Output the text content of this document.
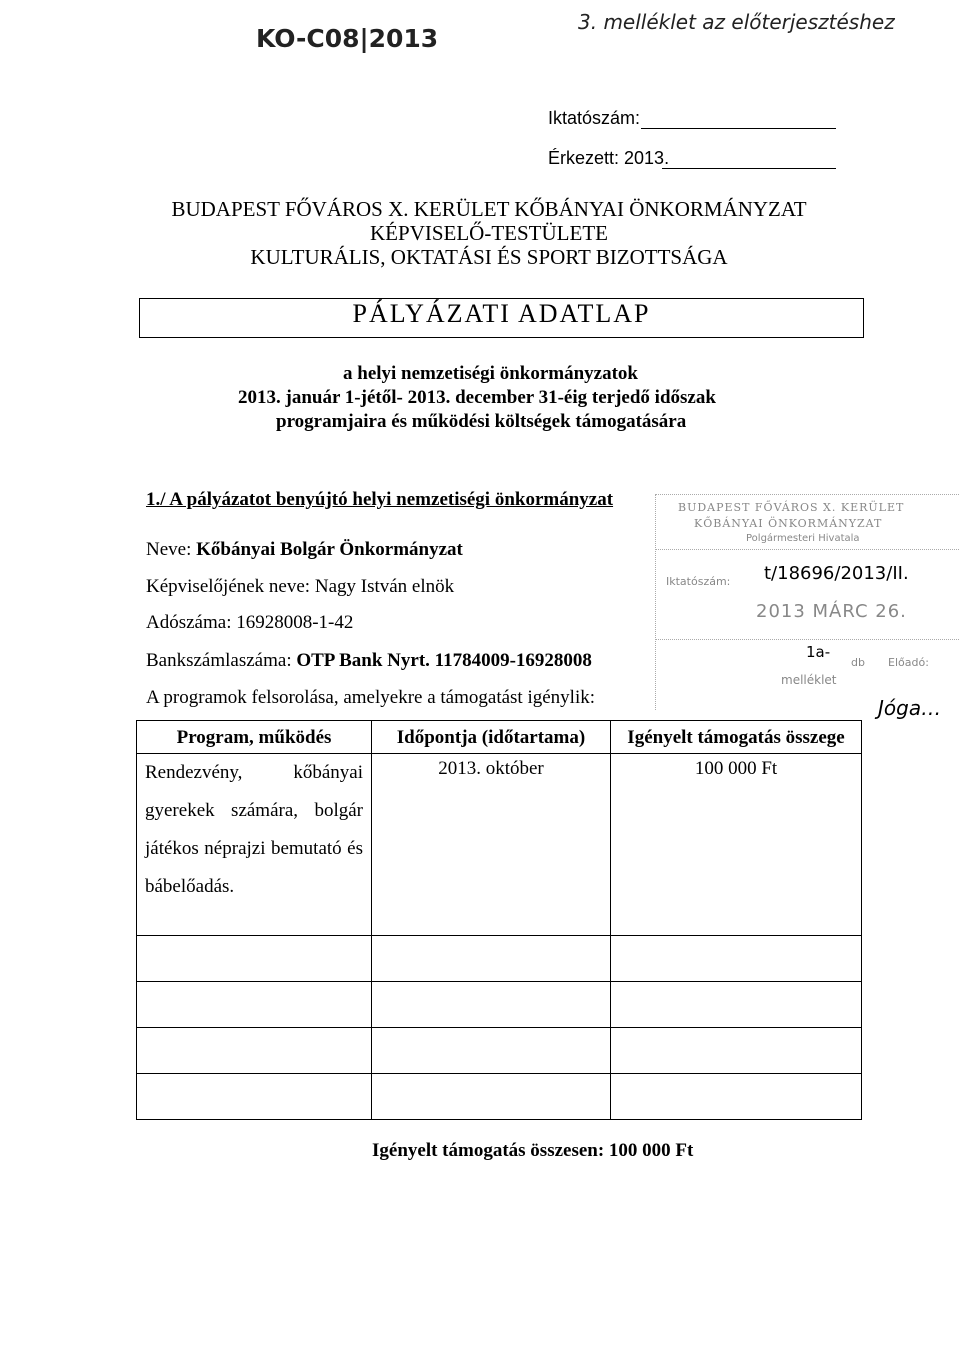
KO-C08|2013
3. melléklet az előterjesztéshez
Iktatószám:
Érkezett: 2013.
BUDAPEST FŐVÁROS X. KERÜLET KŐBÁNYAI ÖNKORMÁNYZAT
KÉPVISELŐ-TESTÜLETE
KULTURÁLIS, OKTATÁSI ÉS SPORT BIZOTTSÁGA
PÁLYÁZATI ADATLAP
a helyi nemzetiségi önkormányzatok
2013. január 1-jétől- 2013. december 31-éig terjedő időszak
programjaira és működési költségek támogatására
1./ A pályázatot benyújtó helyi nemzetiségi önkormányzat
Neve: Kőbányai Bolgár Önkormányzat
Képviselőjének neve: Nagy István elnök
Adószáma: 16928008-1-42
Bankszámlaszáma: OTP Bank Nyrt. 11784009-16928008
A programok felsorolása, amelyekre a támogatást igénylik:
BUDAPEST FŐVÁROS X. KERÜLET
KŐBÁNYAI ÖNKORMÁNYZAT
Polgármesteri Hivatala
Iktatószám: t/18696/2013/II.
2013 MÁRC 26.
1a-
db
melléklet
Előadó:
Jóga…
Program, működés	Időpontja (időtartama)	Igényelt támogatás összege
Rendezvény, kőbányai gyerekek számára, bolgár játékos néprajzi bemutató és bábelőadás.	2013. október	100 000 Ft

Igényelt támogatás összesen: 100 000 Ft
